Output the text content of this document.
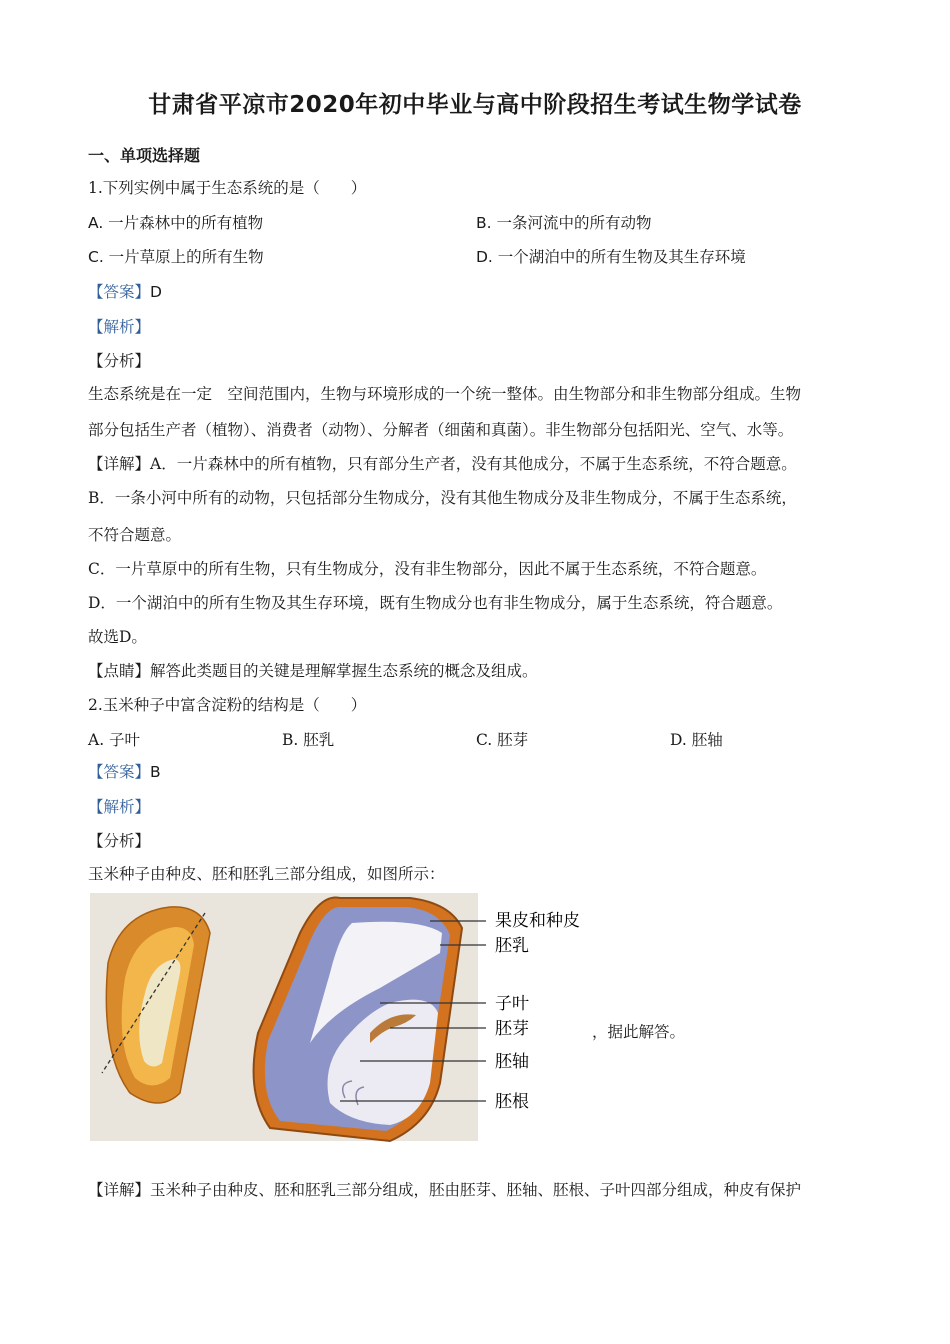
甘肃省平凉市2020年初中毕业与高中阶段招生考试生物学试卷
一、单项选择题
1.下列实例中属于生态系统的是（　　）
A. 一片森林中的所有植物	B. 一条河流中的所有动物
C. 一片草原上的所有生物	D. 一个湖泊中的所有生物及其生存环境
【答案】D
【解析】
【分析】
生态系统是在一定　空间范围内，生物与环境形成的一个统一整体。由生物部分和非生物部分组成。生物
部分包括生产者（植物）、消费者（动物）、分解者（细菌和真菌）。非生物部分包括阳光、空气、水等。
【详解】A．一片森林中的所有植物，只有部分生产者，没有其他成分，不属于生态系统，不符合题意。
B．一条小河中所有的动物，只包括部分生物成分，没有其他生物成分及非生物成分，不属于生态系统，
不符合题意。
C．一片草原中的所有生物，只有生物成分，没有非生物部分，因此不属于生态系统，不符合题意。
D．一个湖泊中的所有生物及其生存环境，既有生物成分也有非生物成分，属于生态系统，符合题意。
故选D。
【点睛】解答此类题目的关键是理解掌握生态系统的概念及组成。
2.玉米种子中富含淀粉的结构是（　　）
A. 子叶	B. 胚乳	C. 胚芽	D. 胚轴
【答案】B
【解析】
【分析】
玉米种子由种皮、胚和胚乳三部分组成，如图所示：
果皮和种皮
胚乳
子叶
胚芽
胚轴
胚根
，据此解答。
【详解】玉米种子由种皮、胚和胚乳三部分组成，胚由胚芽、胚轴、胚根、子叶四部分组成，种皮有保护
